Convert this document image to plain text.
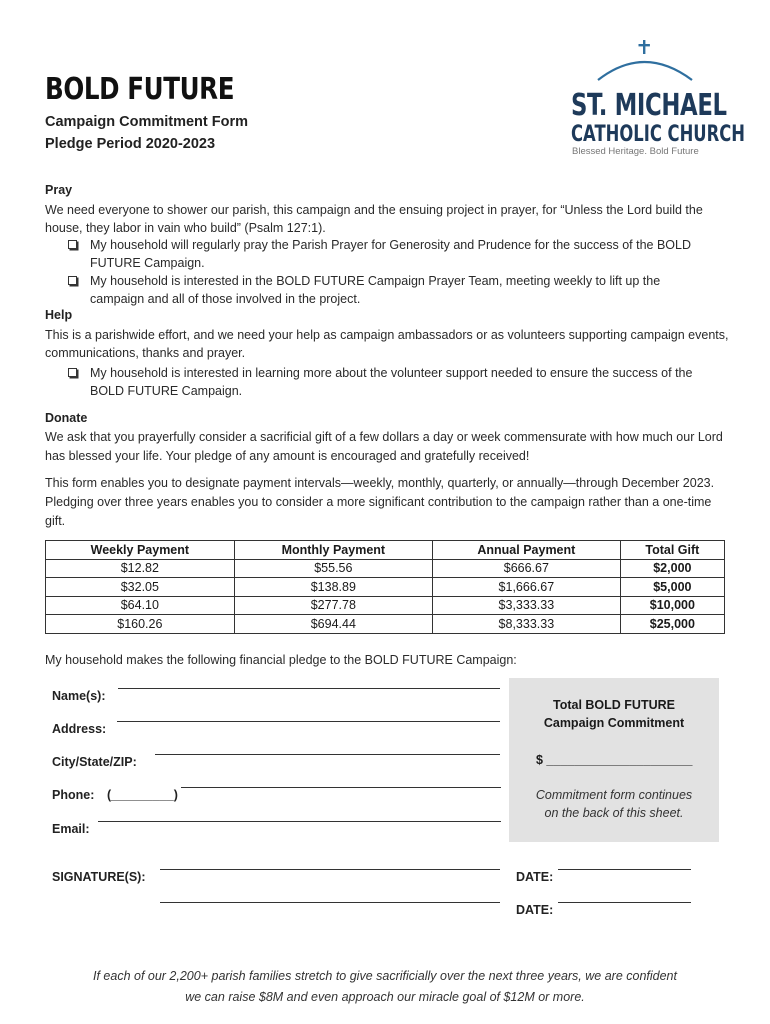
BOLD FUTURE
Campaign Commitment Form
Pledge Period 2020-2023
ST. MICHAEL
CATHOLIC CHURCH
Blessed Heritage. Bold Future
Pray
We need everyone to shower our parish, this campaign and the ensuing project in prayer, for “Unless the Lord build the house, they labor in vain who build” (Psalm 127:1).
My household will regularly pray the Parish Prayer for Generosity and Prudence for the success of the BOLD FUTURE Campaign.
My household is interested in the BOLD FUTURE Campaign Prayer Team, meeting weekly to lift up the campaign and all of those involved in the project.
Help
This is a parishwide effort, and we need your help as campaign ambassadors or as volunteers supporting campaign events, communications, thanks and prayer.
My household is interested in learning more about the volunteer support needed to ensure the success of the BOLD FUTURE Campaign.
Donate
We ask that you prayerfully consider a sacrificial gift of a few dollars a day or week commensurate with how much our Lord has blessed your life. Your pledge of any amount is encouraged and gratefully received!
This form enables you to designate payment intervals—weekly, monthly, quarterly, or annually—through December 2023. Pledging over three years enables you to consider a more significant contribution to the campaign rather than a one-time gift.
Weekly Payment	Monthly Payment	Annual Payment	Total Gift
$12.82	$55.56	$666.67	$2,000
$32.05	$138.89	$1,666.67	$5,000
$64.10	$277.78	$3,333.33	$10,000
$160.26	$694.44	$8,333.33	$25,000
My household makes the following financial pledge to the BOLD FUTURE Campaign:
Name(s):
Address:
City/State/ZIP:
Phone: (_________)
Email:
Total BOLD FUTURE
Campaign Commitment
$ _____________________
Commitment form continues
on the back of this sheet.
SIGNATURE(S):	DATE:
DATE:
If each of our 2,200+ parish families stretch to give sacrificially over the next three years, we are confident
we can raise $8M and even approach our miracle goal of $12M or more.
